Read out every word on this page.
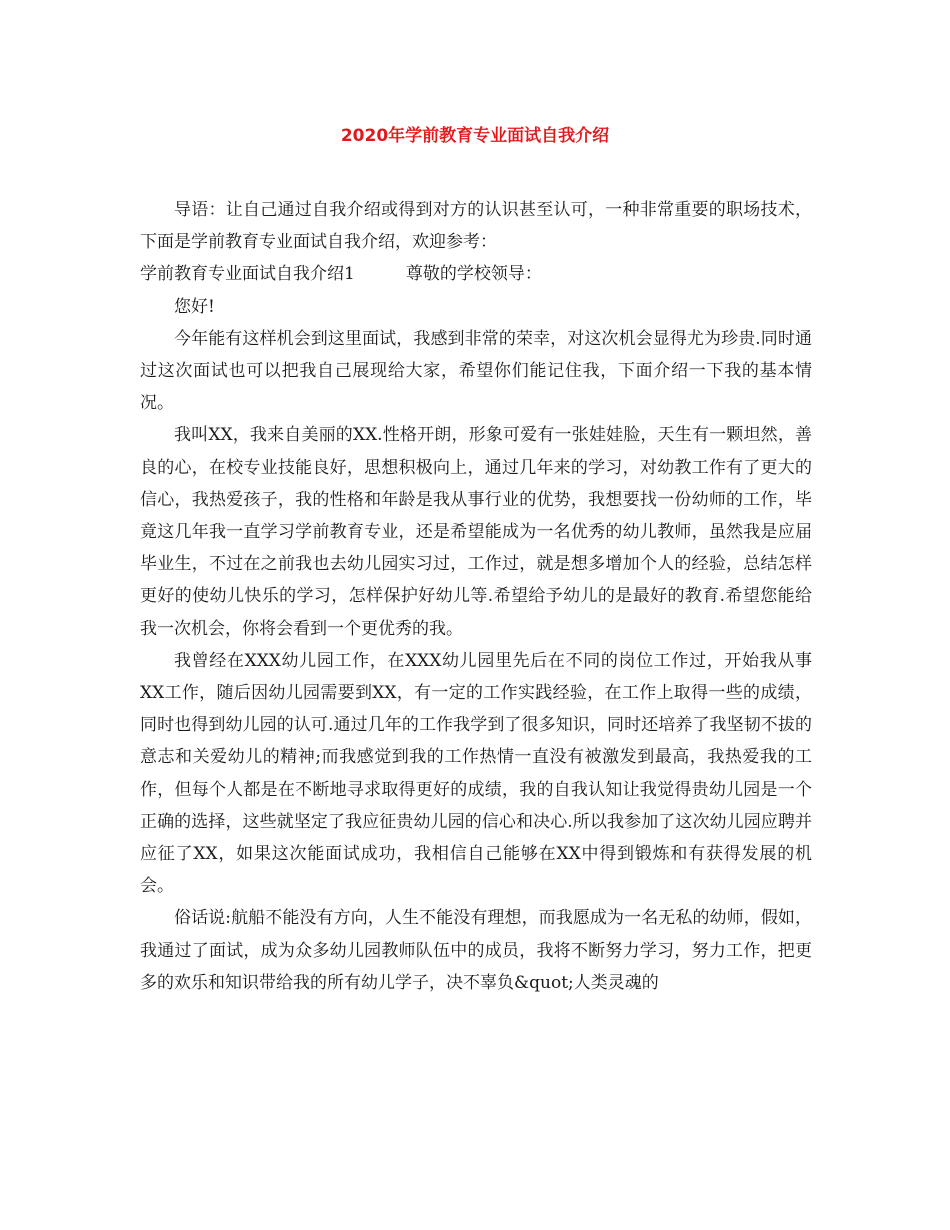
2020年学前教育专业面试自我介绍

导语：让自己通过自我介绍或得到对方的认识甚至认可，一种非常重要的职场技术，下面是学前教育专业面试自我介绍，欢迎参考：

学前教育专业面试自我介绍1　　　尊敬的学校领导：

您好!

今年能有这样机会到这里面试，我感到非常的荣幸，对这次机会显得尤为珍贵.同时通过这次面试也可以把我自己展现给大家，希望你们能记住我，下面介绍一下我的基本情况。

我叫XX，我来自美丽的XX.性格开朗，形象可爱有一张娃娃脸，天生有一颗坦然，善良的心，在校专业技能良好，思想积极向上，通过几年来的学习，对幼教工作有了更大的信心，我热爱孩子，我的性格和年龄是我从事行业的优势，我想要找一份幼师的工作，毕竟这几年我一直学习学前教育专业，还是希望能成为一名优秀的幼儿教师，虽然我是应届毕业生，不过在之前我也去幼儿园实习过，工作过，就是想多增加个人的经验，总结怎样更好的使幼儿快乐的学习，怎样保护好幼儿等.希望给予幼儿的是最好的教育.希望您能给我一次机会，你将会看到一个更优秀的我。

我曾经在XXX幼儿园工作，在XXX幼儿园里先后在不同的岗位工作过，开始我从事XX工作，随后因幼儿园需要到XX，有一定的工作实践经验，在工作上取得一些的成绩，同时也得到幼儿园的认可.通过几年的工作我学到了很多知识，同时还培养了我坚韧不拔的意志和关爱幼儿的精神;而我感觉到我的工作热情一直没有被激发到最高，我热爱我的工作，但每个人都是在不断地寻求取得更好的成绩，我的自我认知让我觉得贵幼儿园是一个正确的选择，这些就坚定了我应征贵幼儿园的信心和决心.所以我参加了这次幼儿园应聘并应征了XX，如果这次能面试成功，我相信自己能够在XX中得到锻炼和有获得发展的机会。

俗话说:航船不能没有方向，人生不能没有理想，而我愿成为一名无私的幼师，假如，我通过了面试，成为众多幼儿园教师队伍中的成员，我将不断努力学习，努力工作，把更多的欢乐和知识带给我的所有幼儿学子，决不辜负&quot;人类灵魂的
